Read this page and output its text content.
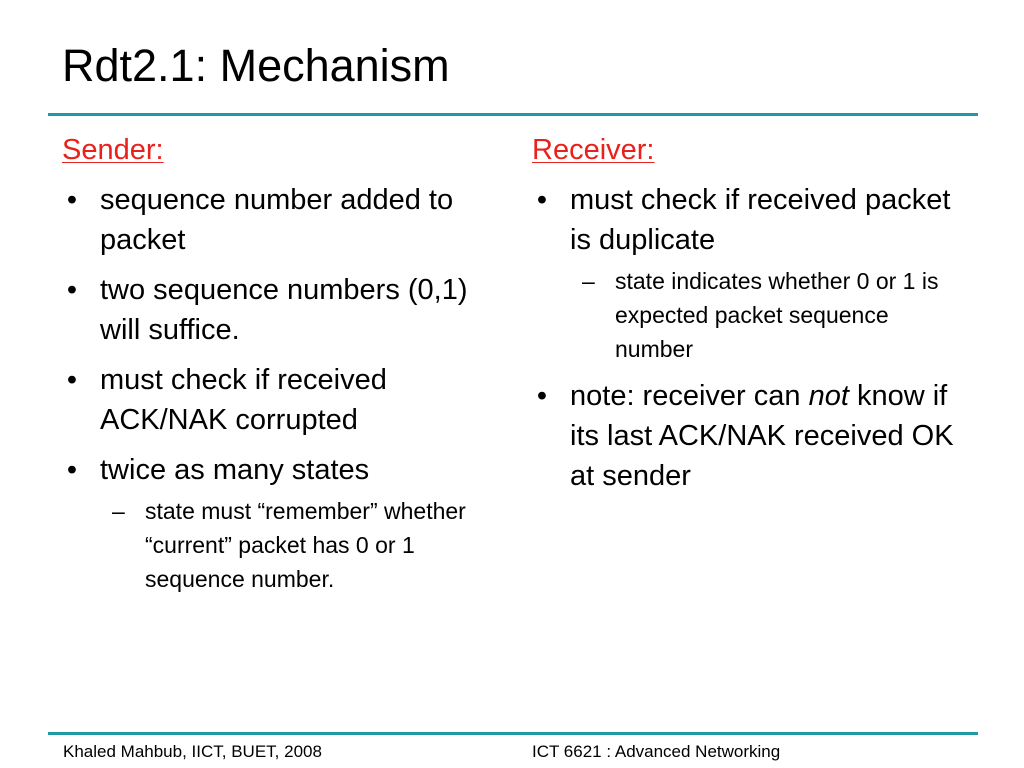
Rdt2.1: Mechanism
Sender:
• sequence number added to packet
• two sequence numbers (0,1) will suffice.
• must check if received ACK/NAK corrupted
• twice as many states
– state must “remember” whether “current” packet has 0 or 1 sequence number.
Receiver:
• must check if received packet is duplicate
– state indicates whether 0 or 1 is expected packet sequence number
• note: receiver can not know if its last ACK/NAK received OK at sender
Khaled Mahbub, IICT, BUET, 2008	ICT 6621 : Advanced Networking
